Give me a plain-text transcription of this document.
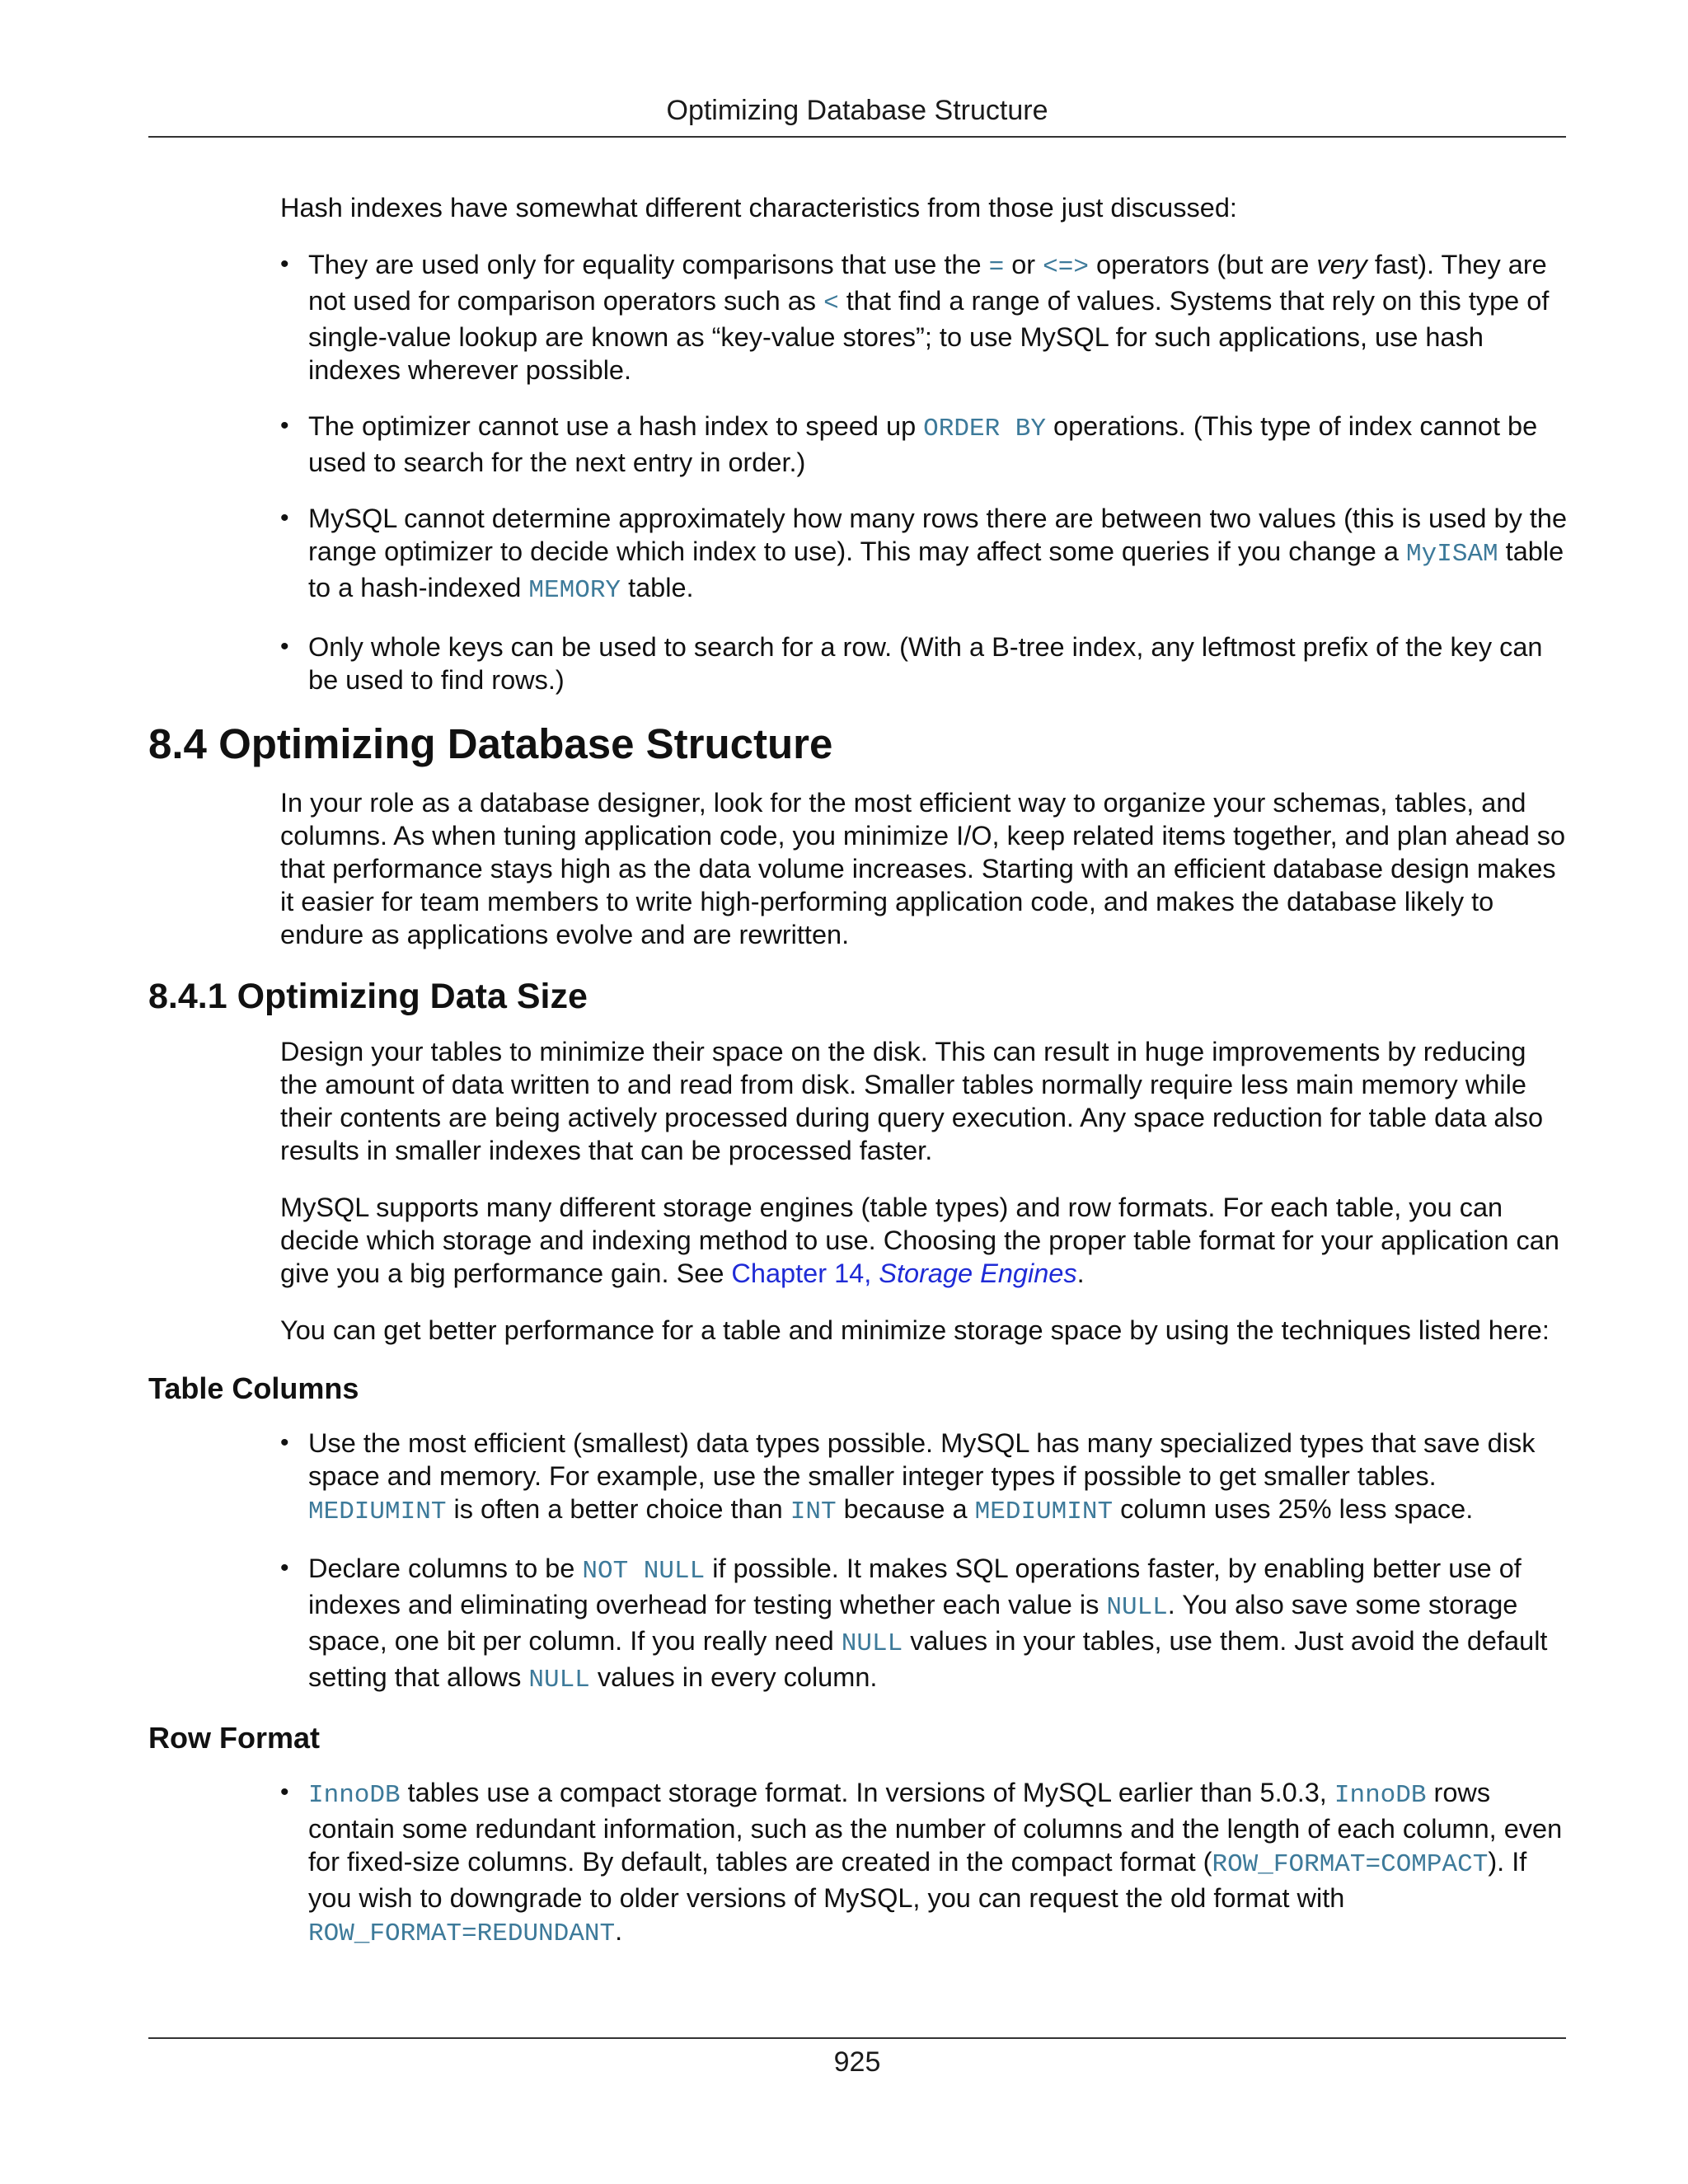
Optimizing Database Structure

Hash indexes have somewhat different characteristics from those just discussed:

• They are used only for equality comparisons that use the = or <=> operators (but are very fast). They are not used for comparison operators such as < that find a range of values. Systems that rely on this type of single-value lookup are known as “key-value stores”; to use MySQL for such applications, use hash indexes wherever possible.
• The optimizer cannot use a hash index to speed up ORDER BY operations. (This type of index cannot be used to search for the next entry in order.)
• MySQL cannot determine approximately how many rows there are between two values (this is used by the range optimizer to decide which index to use). This may affect some queries if you change a MyISAM table to a hash-indexed MEMORY table.
• Only whole keys can be used to search for a row. (With a B-tree index, any leftmost prefix of the key can be used to find rows.)
8.4 Optimizing Database Structure

In your role as a database designer, look for the most efficient way to organize your schemas, tables, and columns. As when tuning application code, you minimize I/O, keep related items together, and plan ahead so that performance stays high as the data volume increases. Starting with an efficient database design makes it easier for team members to write high-performing application code, and makes the database likely to endure as applications evolve and are rewritten.

8.4.1 Optimizing Data Size

Design your tables to minimize their space on the disk. This can result in huge improvements by reducing the amount of data written to and read from disk. Smaller tables normally require less main memory while their contents are being actively processed during query execution. Any space reduction for table data also results in smaller indexes that can be processed faster.

MySQL supports many different storage engines (table types) and row formats. For each table, you can decide which storage and indexing method to use. Choosing the proper table format for your application can give you a big performance gain. See Chapter 14, Storage Engines.

You can get better performance for a table and minimize storage space by using the techniques listed here:

Table Columns
• Use the most efficient (smallest) data types possible. MySQL has many specialized types that save disk space and memory. For example, use the smaller integer types if possible to get smaller tables. MEDIUMINT is often a better choice than INT because a MEDIUMINT column uses 25% less space.
• Declare columns to be NOT NULL if possible. It makes SQL operations faster, by enabling better use of indexes and eliminating overhead for testing whether each value is NULL. You also save some storage space, one bit per column. If you really need NULL values in your tables, use them. Just avoid the default setting that allows NULL values in every column.
Row Format
• InnoDB tables use a compact storage format. In versions of MySQL earlier than 5.0.3, InnoDB rows contain some redundant information, such as the number of columns and the length of each column, even for fixed-size columns. By default, tables are created in the compact format (ROW_FORMAT=COMPACT). If you wish to downgrade to older versions of MySQL, you can request the old format with ROW_FORMAT=REDUNDANT.
925
